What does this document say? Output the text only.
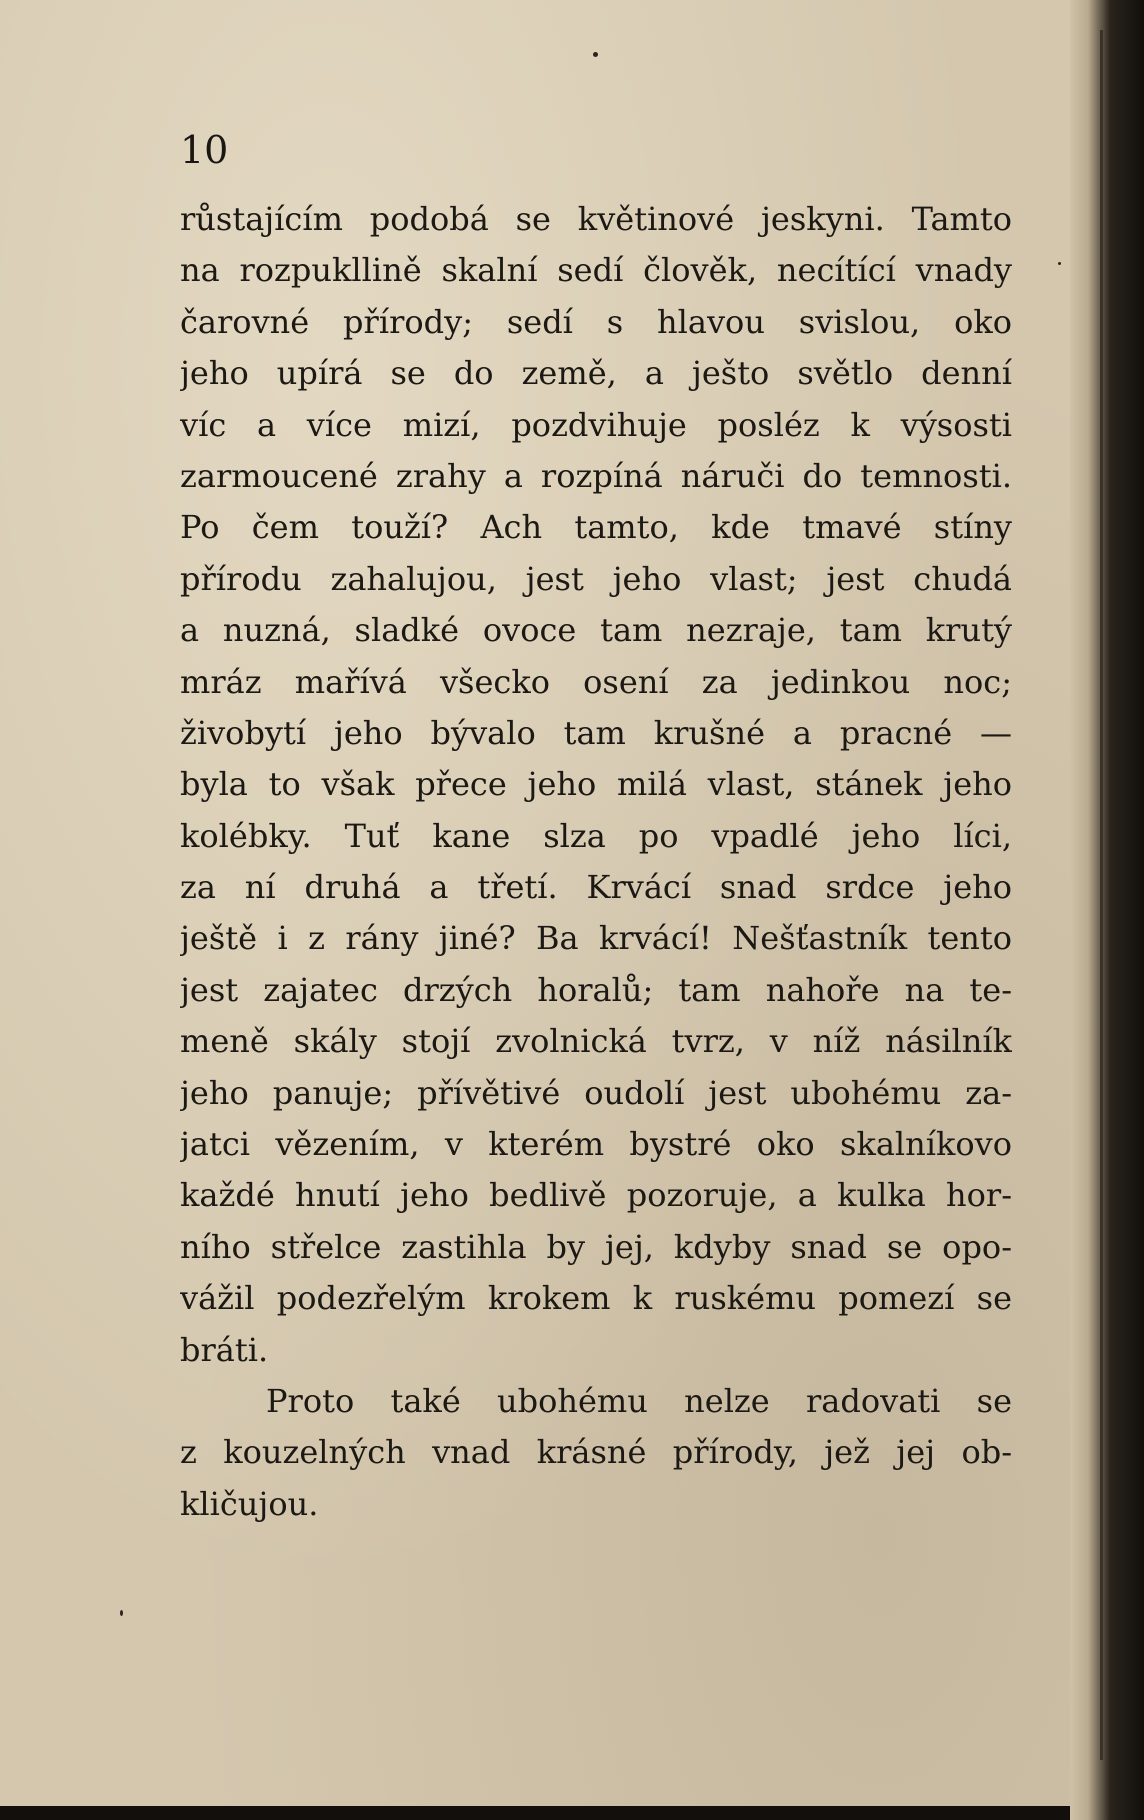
10

růstajícím podobá se květinové jeskyni. Tamto
na rozpukllině skalní sedí člověk, necítící vnady
čarovné přírody; sedí s hlavou svislou, oko
jeho upírá se do země, a ješto světlo denní
víc a více mizí, pozdvihuje posléz k výsosti
zarmoucené zrahy a rozpíná náruči do temnosti.
Po čem touží? Ach tamto, kde tmavé stíny
přírodu zahalujou, jest jeho vlast; jest chudá
a nuzná, sladké ovoce tam nezraje, tam krutý
mráz mařívá všecko osení za jedinkou noc;
živobytí jeho bývalo tam krušné a pracné —
byla to však přece jeho milá vlast, stánek jeho
kolébky. Tuť kane slza po vpadlé jeho líci,
za ní druhá a třetí. Krvácí snad srdce jeho
ještě i z rány jiné? Ba krvácí! Nešťastník tento
jest zajatec drzých horalů; tam nahoře na te-
meně skály stojí zvolnická tvrz, v níž násilník
jeho panuje; přívětivé oudolí jest ubohému za-
jatci vězením, v kterém bystré oko skalníkovo
každé hnutí jeho bedlivě pozoruje, a kulka hor-
ního střelce zastihla by jej, kdyby snad se opo-
vážil podezřelým krokem k ruskému pomezí se
bráti.
Proto také ubohému nelze radovati se
z kouzelných vnad krásné přírody, jež jej ob-
kličujou.
